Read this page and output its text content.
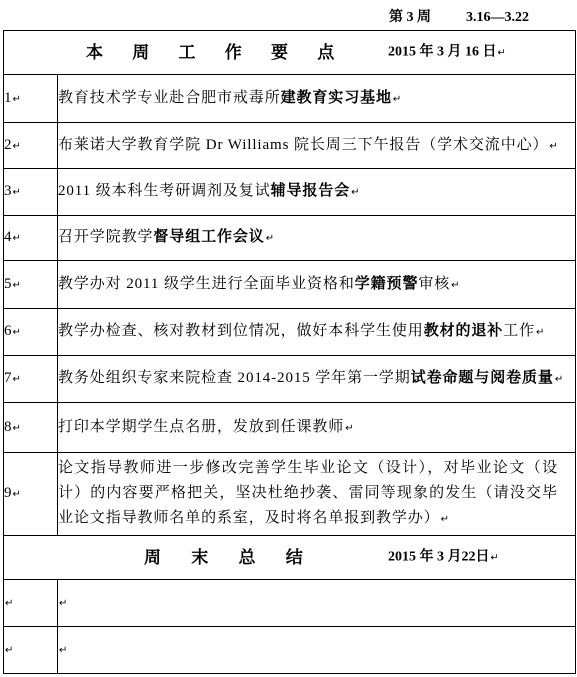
第 3 周	3.16—3.22
本 周 工 作 要 点 2015 年 3 月 16 日↵	

1↵	教育技术学专业赴合肥市戒毒所建教育实习基地↵

2↵	布莱诺大学教育学院 Dr Williams 院长周三下午报告（学术交流中心）↵

3↵	2011 级本科生考研调剂及复试辅导报告会↵

4↵	召开学院教学督导组工作会议↵

5↵	教学办对 2011 级学生进行全面毕业资格和学籍预警审核↵

6↵	教学办检查、核对教材到位情况，做好本科学生使用教材的退补工作↵

7↵	教务处组织专家来院检查 2014-2015 学年第一学期试卷命题与阅卷质量↵

8↵	打印本学期学生点名册，发放到任课教师↵

9↵	论文指导教师进一步修改完善学生毕业论文（设计），对毕业论文（设计）的内容要严格把关，坚决杜绝抄袭、雷同等现象的发生（请没交毕业论文指导教师名单的系室，及时将名单报到教学办）↵

周 末 总 结 2015 年 3 月22日↵	

↵	↵

↵	↵
